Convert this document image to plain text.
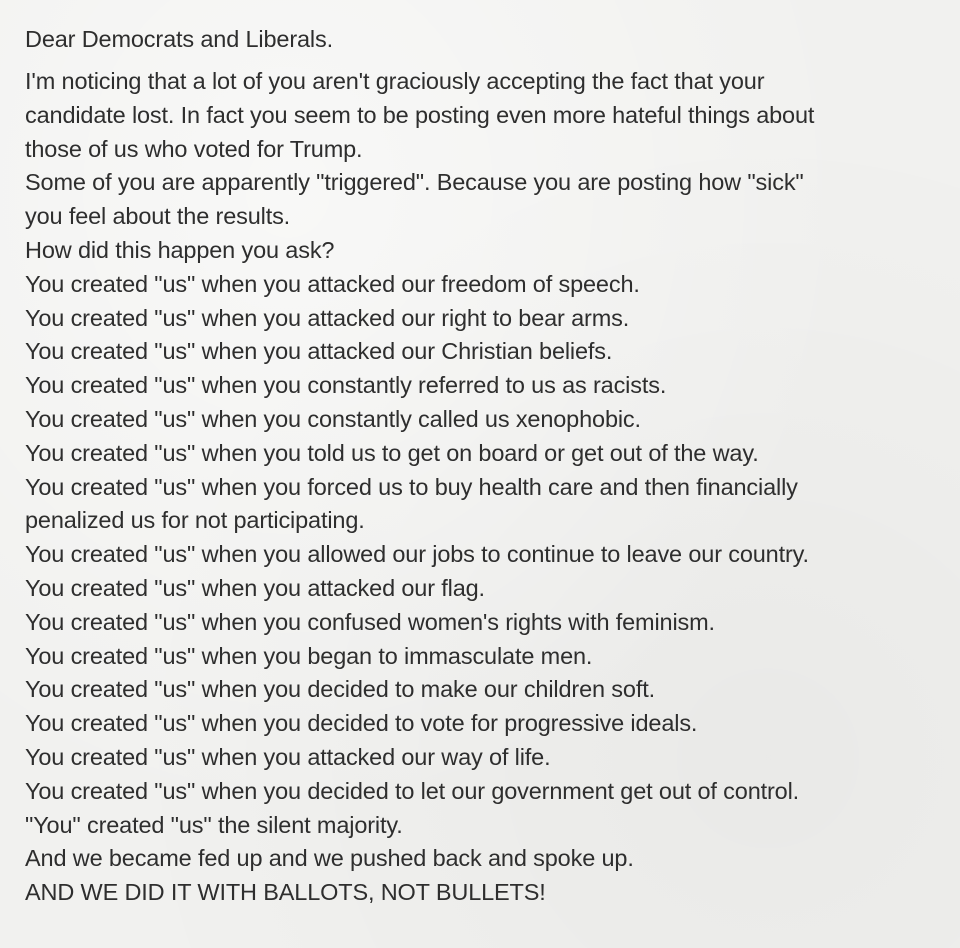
Dear Democrats and Liberals.
I'm noticing that a lot of you aren't graciously accepting the fact that your
candidate lost. In fact you seem to be posting even more hateful things about
those of us who voted for Trump.
Some of you are apparently "triggered". Because you are posting how "sick"
you feel about the results.
How did this happen you ask?
You created "us" when you attacked our freedom of speech.
You created "us" when you attacked our right to bear arms.
You created "us" when you attacked our Christian beliefs.
You created "us" when you constantly referred to us as racists.
You created "us" when you constantly called us xenophobic.
You created "us" when you told us to get on board or get out of the way.
You created "us" when you forced us to buy health care and then financially
penalized us for not participating.
You created "us" when you allowed our jobs to continue to leave our country.
You created "us" when you attacked our flag.
You created "us" when you confused women's rights with feminism.
You created "us" when you began to immasculate men.
You created "us" when you decided to make our children soft.
You created "us" when you decided to vote for progressive ideals.
You created "us" when you attacked our way of life.
You created "us" when you decided to let our government get out of control.
"You" created "us" the silent majority.
And we became fed up and we pushed back and spoke up.
AND WE DID IT WITH BALLOTS, NOT BULLETS!
